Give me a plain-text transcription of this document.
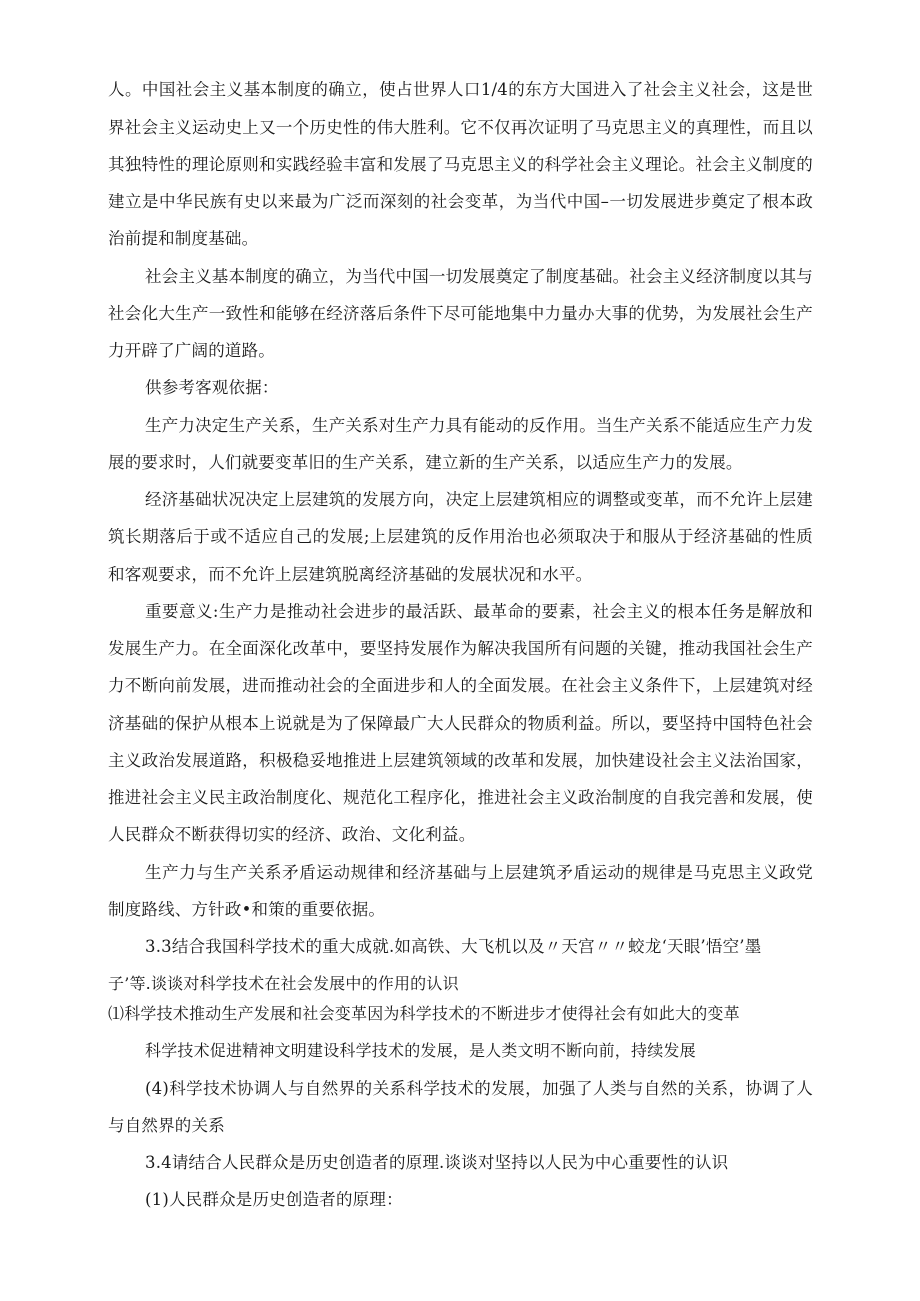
人。中国社会主义基本制度的确立，使占世界人口1/4的东方大国进入了社会主义社会，这是世
界社会主义运动史上又一个历史性的伟大胜利。它不仅再次证明了马克思主义的真理性，而且以
其独特性的理论原则和实践经验丰富和发展了马克思主义的科学社会主义理论。社会主义制度的
建立是中华民族有史以来最为广泛而深刻的社会变革，为当代中国–一切发展进步奠定了根本政
治前提和制度基础。
社会主义基本制度的确立，为当代中国一切发展奠定了制度基础。社会主义经济制度以其与
社会化大生产一致性和能够在经济落后条件下尽可能地集中力量办大事的优势，为发展社会生产
力开辟了广阔的道路。
供参考客观依据：
生产力决定生产关系，生产关系对生产力具有能动的反作用。当生产关系不能适应生产力发
展的要求时，人们就要变革旧的生产关系，建立新的生产关系，以适应生产力的发展。
经济基础状况决定上层建筑的发展方向，决定上层建筑相应的调整或变革，而不允许上层建
筑长期落后于或不适应自己的发展;上层建筑的反作用治也必须取决于和服从于经济基础的性质
和客观要求，而不允许上层建筑脱离经济基础的发展状况和水平。
重要意义:生产力是推动社会进步的最活跃、最革命的要素，社会主义的根本任务是解放和
发展生产力。在全面深化改革中，要坚持发展作为解决我国所有问题的关键，推动我国社会生产
力不断向前发展，进而推动社会的全面进步和人的全面发展。在社会主义条件下，上层建筑对经
济基础的保护从根本上说就是为了保障最广大人民群众的物质利益。所以，要坚持中国特色社会
主义政治发展道路，积极稳妥地推进上层建筑领域的改革和发展，加快建设社会主义法治国家，
推进社会主义民主政治制度化、规范化工程序化，推进社会主义政治制度的自我完善和发展，使
人民群众不断获得切实的经济、政治、文化利益。
生产力与生产关系矛盾运动规律和经济基础与上层建筑矛盾运动的规律是马克思主义政党
制度路线、方针政•和策的重要依据。
3.3结合我国科学技术的重大成就.如高铁、大飞机以及〃天宫〃〃蛟龙‘天眼’悟空’墨
子’等.谈谈对科学技术在社会发展中的作用的认识
⑴科学技术推动生产发展和社会变革因为科学技术的不断进步才使得社会有如此大的变革
科学技术促进精神文明建设科学技术的发展，是人类文明不断向前，持续发展
(4)科学技术协调人与自然界的关系科学技术的发展，加强了人类与自然的关系，协调了人
与自然界的关系
3.4请结合人民群众是历史创造者的原理.谈谈对坚持以人民为中心重要性的认识
(1)人民群众是历史创造者的原理：
